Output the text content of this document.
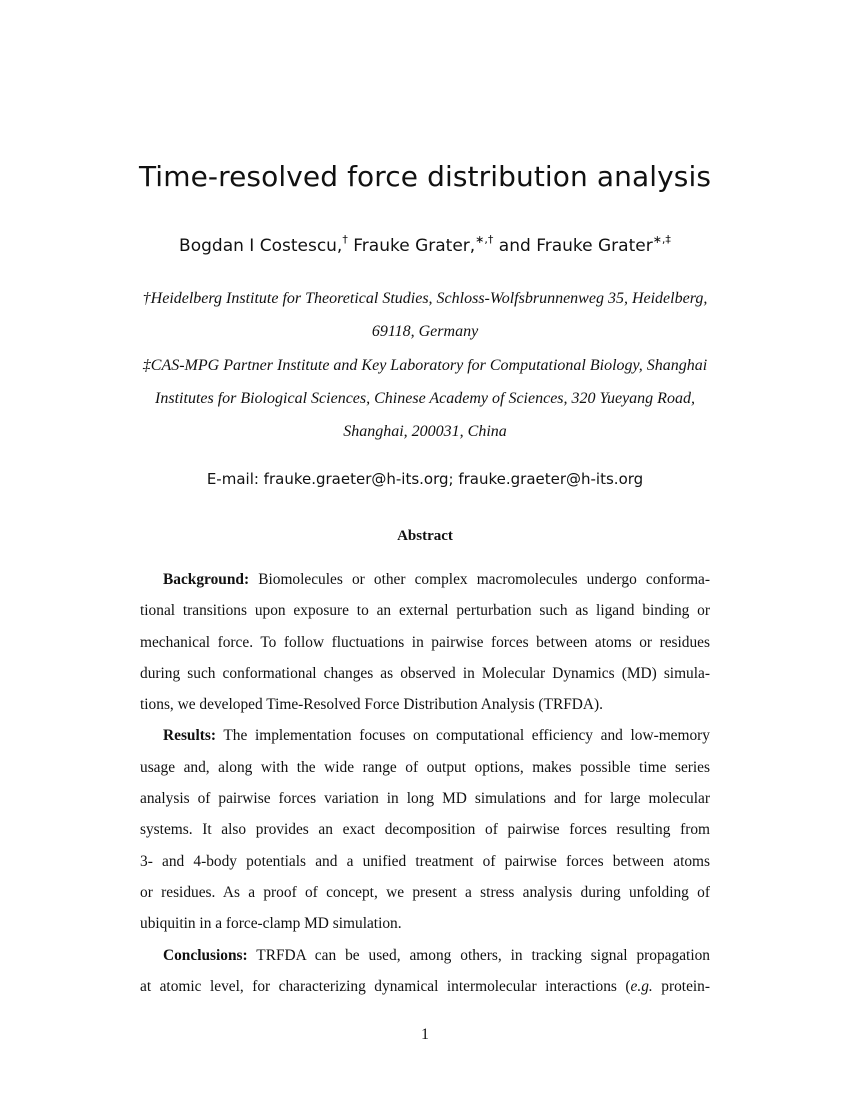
Time-resolved force distribution analysis
Bogdan I Costescu,† Frauke Grater,∗,† and Frauke Grater∗,‡
†Heidelberg Institute for Theoretical Studies, Schloss-Wolfsbrunnenweg 35, Heidelberg,
69118, Germany
‡CAS-MPG Partner Institute and Key Laboratory for Computational Biology, Shanghai
Institutes for Biological Sciences, Chinese Academy of Sciences, 320 Yueyang Road,
Shanghai, 200031, China
E-mail: frauke.graeter@h-its.org; frauke.graeter@h-its.org
Abstract
Background: Biomolecules or other complex macromolecules undergo conforma-
tional transitions upon exposure to an external perturbation such as ligand binding or
mechanical force. To follow fluctuations in pairwise forces between atoms or residues
during such conformational changes as observed in Molecular Dynamics (MD) simula-
tions, we developed Time-Resolved Force Distribution Analysis (TRFDA).
Results: The implementation focuses on computational efficiency and low-memory
usage and, along with the wide range of output options, makes possible time series
analysis of pairwise forces variation in long MD simulations and for large molecular
systems. It also provides an exact decomposition of pairwise forces resulting from
3- and 4-body potentials and a unified treatment of pairwise forces between atoms
or residues. As a proof of concept, we present a stress analysis during unfolding of
ubiquitin in a force-clamp MD simulation.
Conclusions: TRFDA can be used, among others, in tracking signal propagation
at atomic level, for characterizing dynamical intermolecular interactions (e.g. protein-
1
